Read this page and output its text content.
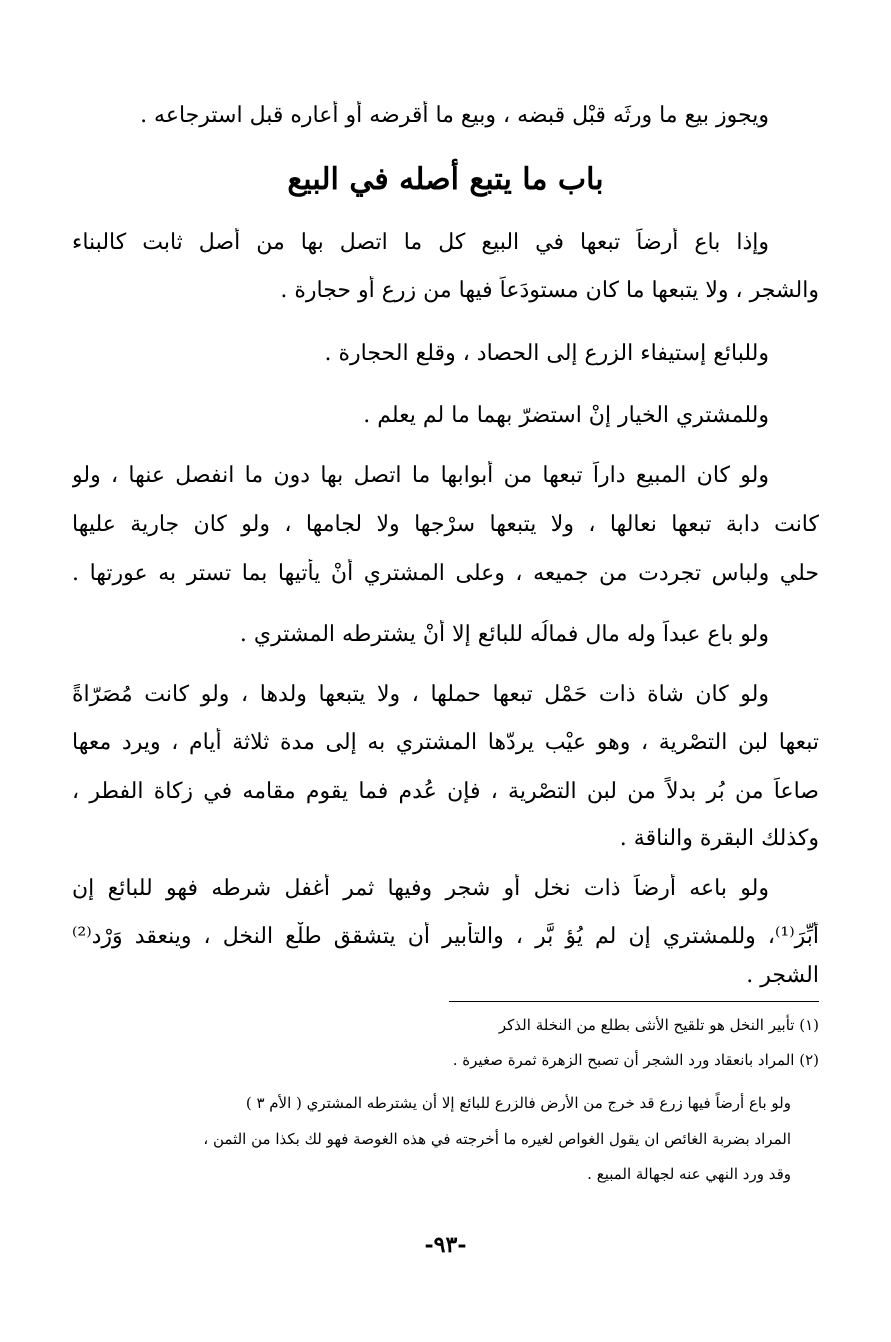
ويجوز بيع ما ورثَه قبْل قبضه ، وبيع ما أقرضه أو أعاره قبل استرجاعه .
باب ما يتبع أصله في البيع
وإذا باع أرضاً تبعها في البيع كل ما اتصل بها من أصل ثابت كالبناء
والشجر ، ولا يتبعها ما كان مستودَعاً فيها من زرع أو حجارة .
وللبائع إستيفاء الزرع إلى الحصاد ، وقلع الحجارة .
وللمشتري الخيار إنْ استضرّ بهما ما لم يعلم .
ولو كان المبيع داراً تبعها من أبوابها ما اتصل بها دون ما انفصل عنها ، ولو
كانت دابة تبعها نعالها ، ولا يتبعها سرْجها ولا لجامها ، ولو كان جارية عليها
حلي ولباس تجردت من جميعه ، وعلى المشتري أنْ يأتيها بما تستر به عورتها .
ولو باع عبداً وله مال فمالُه للبائع إلا أنْ يشترطه المشتري .
ولو كان شاة ذات حَمْل تبعها حملها ، ولا يتبعها ولدها ، ولو كانت مُصَرّاةً
تبعها لبن التصْرية ، وهو عيْب يردّها المشتري به إلى مدة ثلاثة أيام ، ويرد معها
صاعاً من بُر بدلاً من لبن التصْرية ، فإن عُدم فما يقوم مقامه في زكاة الفطر ،
وكذلك البقرة والناقة .
ولو باعه أرضاً ذات نخل أو شجر وفيها ثمر أغفل شرطه فهو للبائع إن
أبِّرَ⁽¹⁾، وللمشتري إن لم يُؤ بَّر ، والتأبير أن يتشقق طلْع النخل ، وينعقد وَرْد⁽²⁾
الشجر .
(١) تأبير النخل هو تلقيح الأنثى بطلع من النخلة الذكر
(٢) المراد بانعقاد ورد الشجر أن تصبح الزهرة ثمرة صغيرة .
ولو باع أرضاً فيها زرع قد خرج من الأرض فالزرع للبائع إلا أن يشترطه المشتري ( الأم ٣ )
المراد بضربة الغائص ان يقول الغواص لغيره ما أخرجته في هذه الغوصة فهو لك بكذا من الثمن ،
وقد ورد النهي عنه لجهالة المبيع .
-٩٣-
